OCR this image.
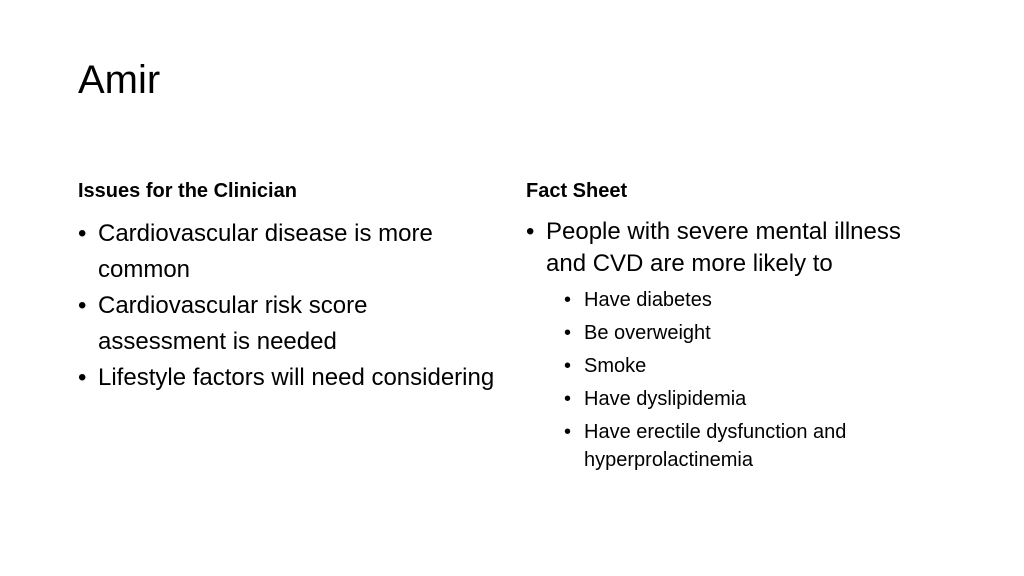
Amir
Issues for the Clinician
• Cardiovascular disease is more common
• Cardiovascular risk score assessment is needed
• Lifestyle factors will need considering
Fact Sheet
• People with severe mental illness and CVD are more likely to
• Have diabetes
• Be overweight
• Smoke
• Have dyslipidemia
• Have erectile dysfunction and hyperprolactinemia
